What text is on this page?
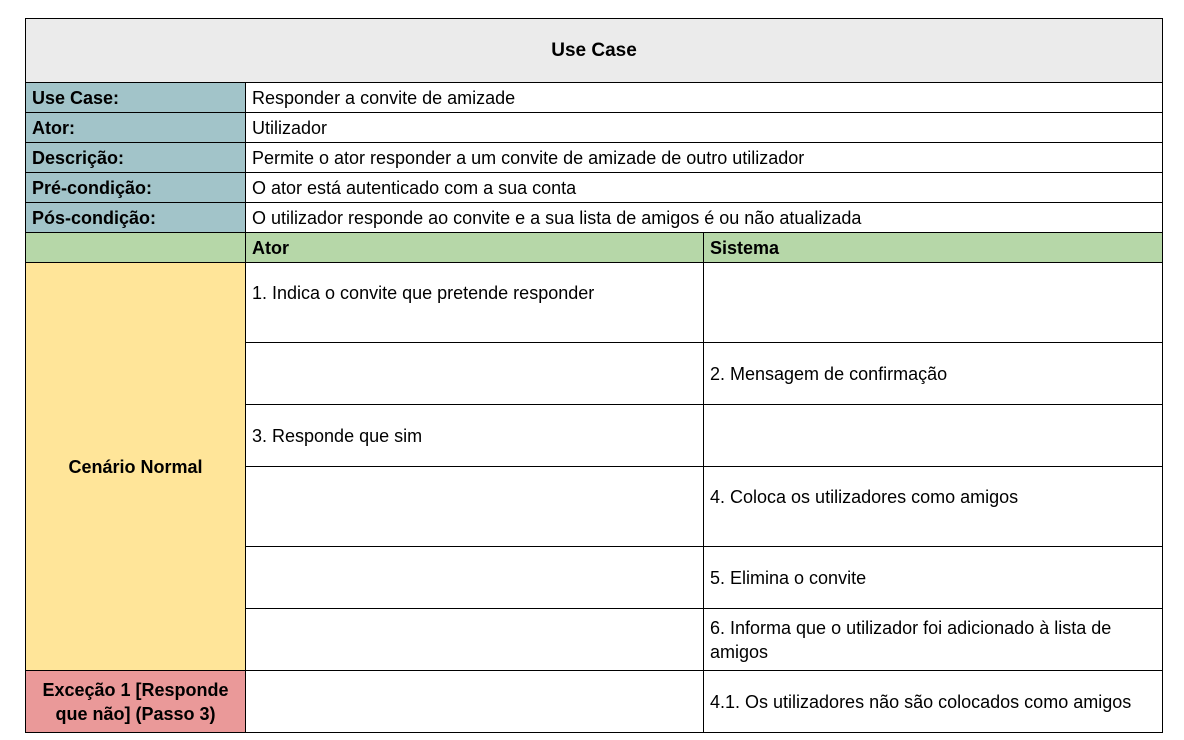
Use Case		
Use Case:	Responder a convite de amizade	
Ator:	Utilizador	
Descrição:	Permite o ator responder a um convite de amizade de outro utilizador	
Pré-condição:	O ator está autenticado com a sua conta	
Pós-condição:	O utilizador responde ao convite e a sua lista de amigos é ou não atualizada	
	Ator	Sistema
Cenário Normal	1. Indica o convite que pretende responder	
		2. Mensagem de confirmação
	3. Responde que sim	
		4. Coloca os utilizadores como amigos
		5. Elimina o convite
		6. Informa que o utilizador foi adicionado à lista de amigos
Exceção 1 [Responde que não] (Passo 3)		4.1. Os utilizadores não são colocados como amigos
